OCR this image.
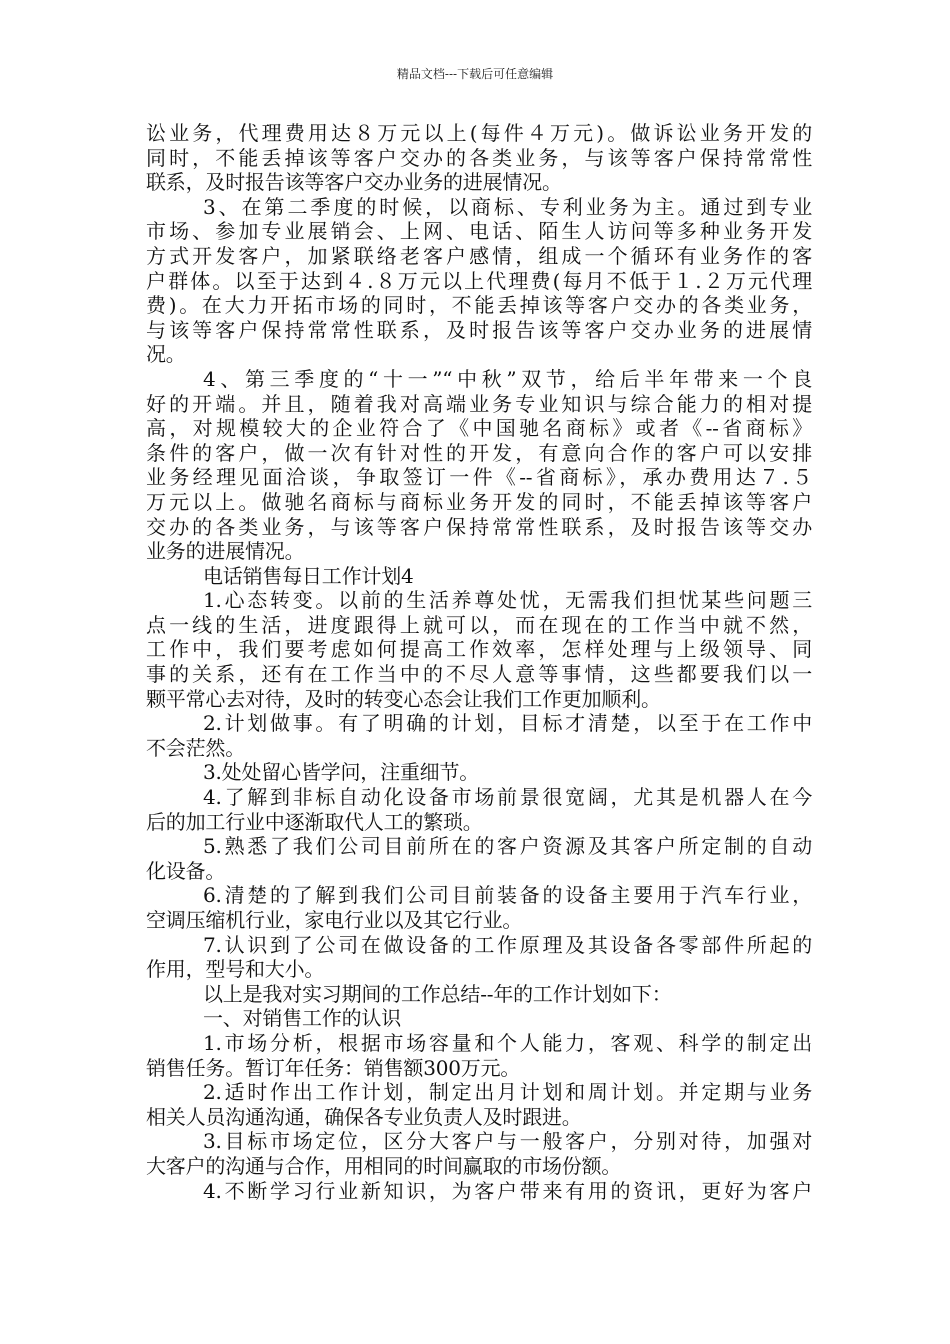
精品文档---下载后可任意编辑
讼业务，代理费用达８万元以上(每件４万元)。做诉讼业务开发的
同时，不能丢掉该等客户交办的各类业务，与该等客户保持常常性
联系，及时报告该等客户交办业务的进展情况。
3、在第二季度的时候，以商标、专利业务为主。通过到专业
市场、参加专业展销会、上网、电话、陌生人访问等多种业务开发
方式开发客户，加紧联络老客户感情，组成一个循环有业务作的客
户群体。以至于达到４.８万元以上代理费(每月不低于１.２万元代理
费)。在大力开拓市场的同时，不能丢掉该等客户交办的各类业务，
与该等客户保持常常性联系，及时报告该等客户交办业务的进展情
况。
4、第三季度的“十一”“中秋”双节，给后半年带来一个良
好的开端。并且，随着我对高端业务专业知识与综合能力的相对提
高，对规模较大的企业符合了《中国驰名商标》或者《--省商标》
条件的客户，做一次有针对性的开发，有意向合作的客户可以安排
业务经理见面洽谈，争取签订一件《--省商标》，承办费用达７.５
万元以上。做驰名商标与商标业务开发的同时，不能丢掉该等客户
交办的各类业务，与该等客户保持常常性联系，及时报告该等交办
业务的进展情况。
电话销售每日工作计划4
1.心态转变。以前的生活养尊处忧，无需我们担忧某些问题三
点一线的生活，进度跟得上就可以，而在现在的工作当中就不然，
工作中，我们要考虑如何提高工作效率，怎样处理与上级领导、同
事的关系，还有在工作当中的不尽人意等事情，这些都要我们以一
颗平常心去对待，及时的转变心态会让我们工作更加顺利。
2.计划做事。有了明确的计划，目标才清楚，以至于在工作中
不会茫然。
3.处处留心皆学问，注重细节。
4.了解到非标自动化设备市场前景很宽阔，尤其是机器人在今
后的加工行业中逐渐取代人工的繁琐。
5.熟悉了我们公司目前所在的客户资源及其客户所定制的自动
化设备。
6.清楚的了解到我们公司目前装备的设备主要用于汽车行业，
空调压缩机行业，家电行业以及其它行业。
7.认识到了公司在做设备的工作原理及其设备各零部件所起的
作用，型号和大小。
以上是我对实习期间的工作总结--年的工作计划如下：
一、对销售工作的认识
1.市场分析，根据市场容量和个人能力，客观、科学的制定出
销售任务。暂订年任务：销售额300万元。
2.适时作出工作计划，制定出月计划和周计划。并定期与业务
相关人员沟通沟通，确保各专业负责人及时跟进。
3.目标市场定位，区分大客户与一般客户，分别对待，加强对
大客户的沟通与合作，用相同的时间赢取的市场份额。
4.不断学习行业新知识，为客户带来有用的资讯，更好为客户
